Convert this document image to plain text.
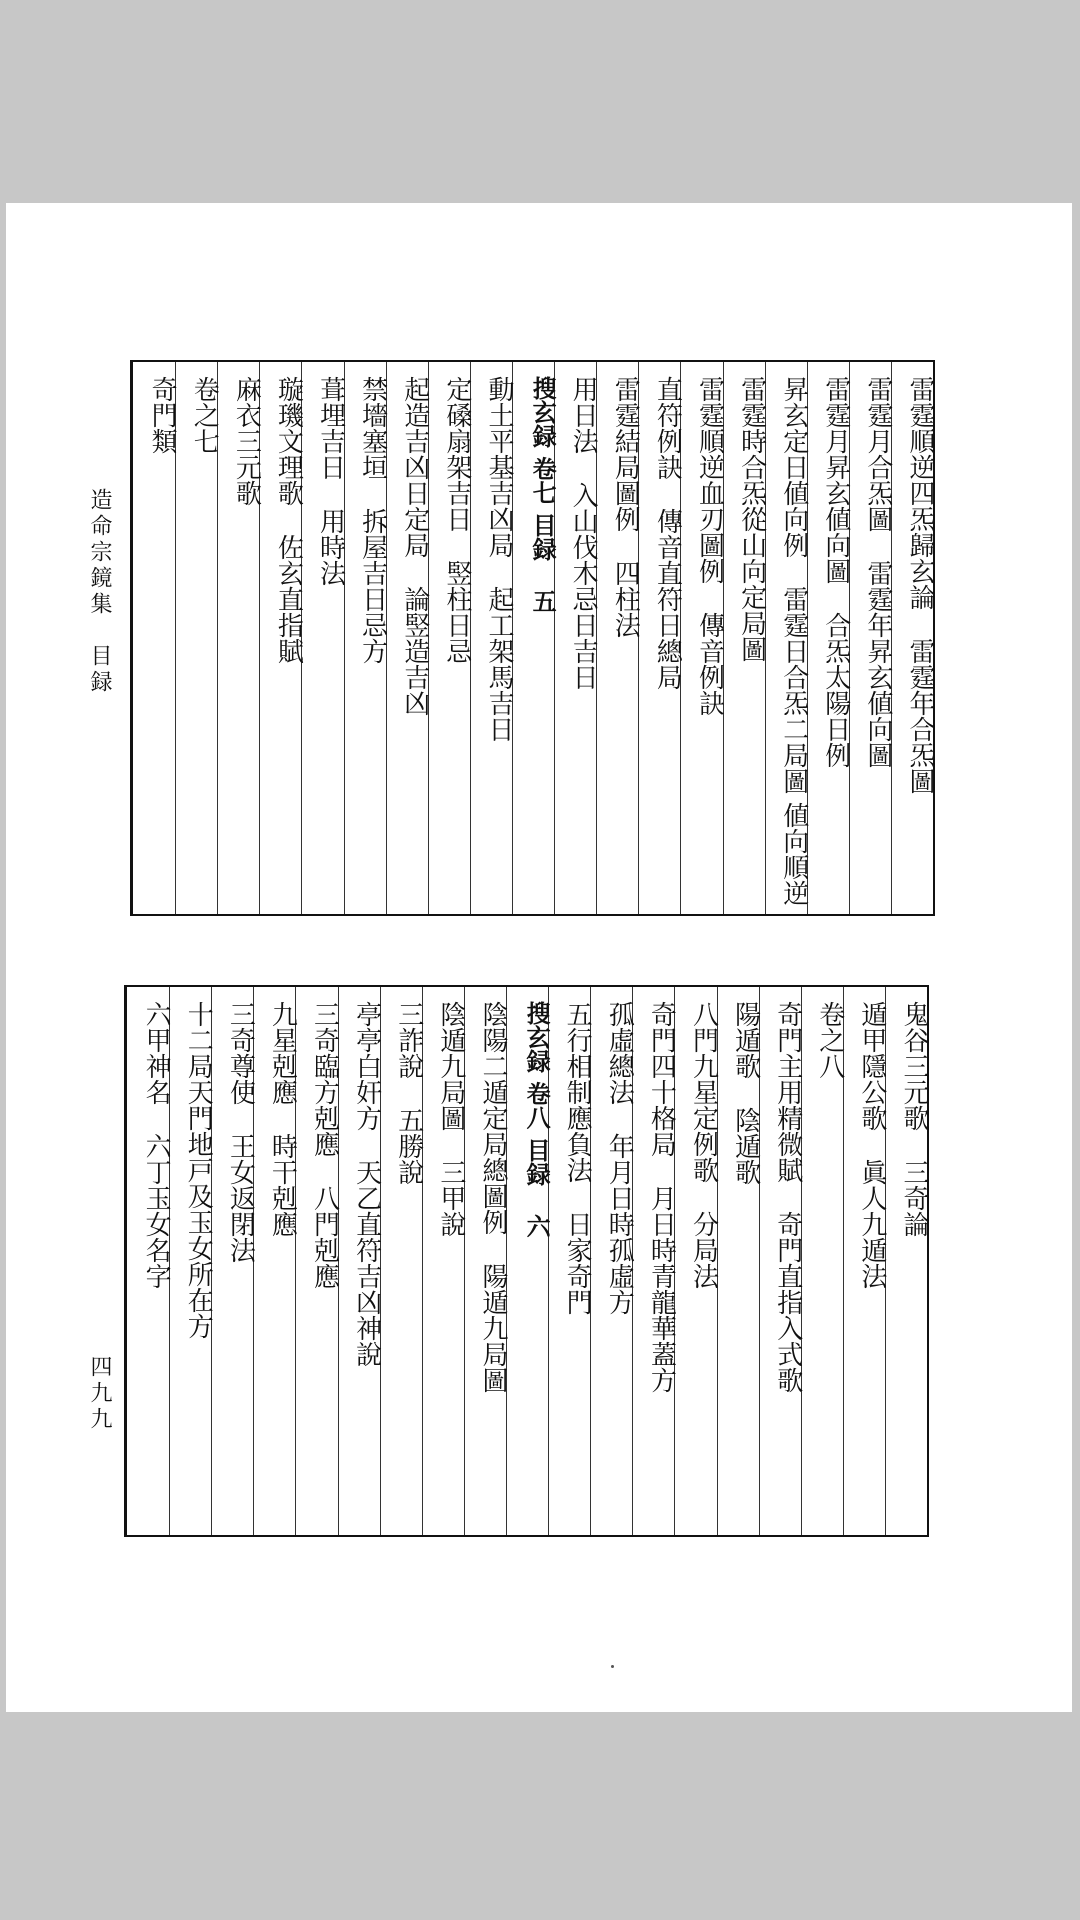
造命宗鏡集　目録
四九九
雷霆順逆四炁歸玄論雷霆年合炁圖
雷霆月合炁圖雷霆年昇玄値向圖
雷霆月昇玄値向圖合炁太陽日例
昇玄定日値向例雷霆日合炁二局圖 値向順逆
雷霆時合炁從山向定局圖
雷霆順逆血刃圖例傳音例訣
直符例訣傳音直符日總局
雷霆結局圖例四柱法
用日法入山伐木忌日吉日
搜玄録 卷七 目録五
動土平基吉凶局起工架馬吉日
定磉扇架吉日竪柱日忌
起造吉凶日定局論竪造吉凶
禁墻塞垣拆屋吉日忌方
葺埋吉日用時法
璇璣文理歌佐玄直指賦
麻衣三元歌
卷之七
奇門類
鬼谷三元歌三奇論
遁甲隱公歌眞人九遁法
卷之八
奇門主用精微賦奇門直指入式歌
陽遁歌陰遁歌
八門九星定例歌分局法
奇門四十格局月日時青龍華蓋方
孤虛總法年月日時孤虛方
五行相制應負法日家奇門
搜玄録 卷八 目録六
陰陽二遁定局總圖例陽遁九局圖
陰遁九局圖三甲說
三詐說五勝說
亭亭白奸方天乙直符吉凶神說
三奇臨方剋應八門剋應
九星剋應時干剋應
三奇尊使王女返閉法
十二局天門地戸及玉女所在方
六甲神名六丁玉女名字
